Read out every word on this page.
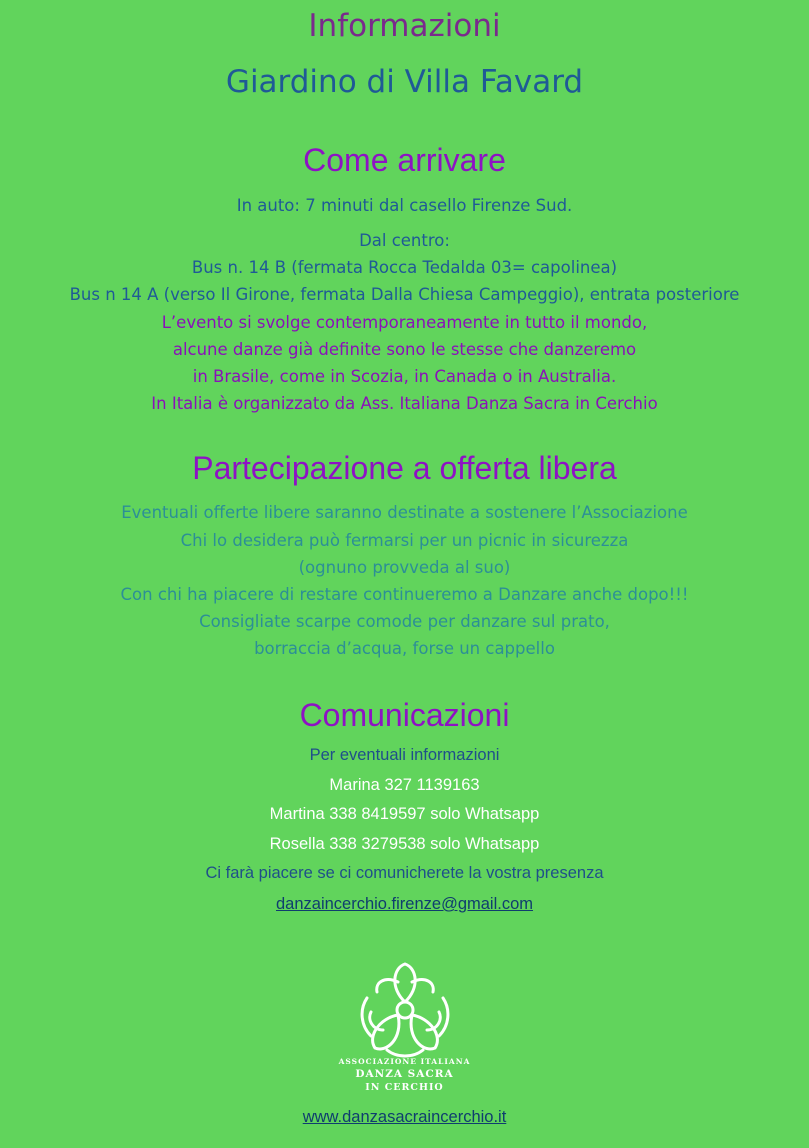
Informazioni
Giardino di Villa Favard
Come arrivare
In auto: 7 minuti dal casello Firenze Sud.
Dal centro:
Bus n. 14 B (fermata Rocca Tedalda 03= capolinea)
Bus n 14 A (verso Il Girone, fermata Dalla Chiesa Campeggio), entrata posteriore
L’evento si svolge contemporaneamente in tutto il mondo,
alcune danze già definite sono le stesse che danzeremo
in Brasile, come in Scozia, in Canada o in Australia.
In Italia è organizzato da Ass. Italiana Danza Sacra in Cerchio
Partecipazione a offerta libera
Eventuali offerte libere saranno destinate a sostenere l’Associazione
Chi lo desidera può fermarsi per un picnic in sicurezza
(ognuno provveda al suo)
Con chi ha piacere di restare continueremo a Danzare anche dopo!!!
Consigliate scarpe comode per danzare sul prato,
borraccia d’acqua, forse un cappello
Comunicazioni
Per eventuali informazioni
Marina 327 1139163
Martina 338 8419597 solo Whatsapp
Rosella 338 3279538 solo Whatsapp
Ci farà piacere se ci comunicherete la vostra presenza
danzaincerchio.firenze@gmail.com
ASSOCIAZIONE ITALIANA
DANZA SACRA
IN CERCHIO
www.danzasacraincerchio.it
